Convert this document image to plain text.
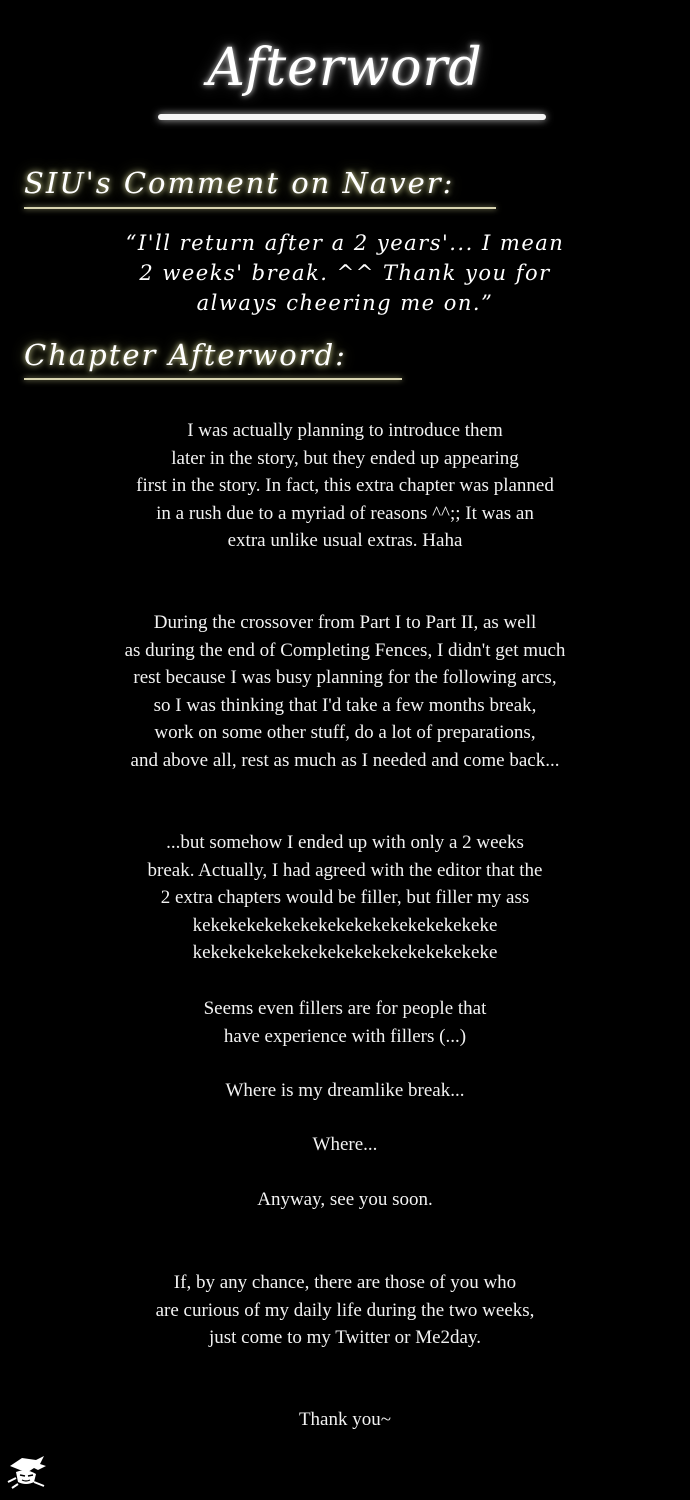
Afterword
SIU's Comment on Naver:
“I'll return after a 2 years'... I mean
2 weeks' break. ^^ Thank you for
always cheering me on.”
Chapter Afterword:
I was actually planning to introduce them
later in the story, but they ended up appearing
first in the story. In fact, this extra chapter was planned
in a rush due to a myriad of reasons ^^;; It was an
extra unlike usual extras. Haha
During the crossover from Part I to Part II, as well
as during the end of Completing Fences, I didn't get much
rest because I was busy planning for the following arcs,
so I was thinking that I'd take a few months break,
work on some other stuff, do a lot of preparations,
and above all, rest as much as I needed and come back...
...but somehow I ended up with only a 2 weeks
break. Actually, I had agreed with the editor that the
2 extra chapters would be filler, but filler my ass
kekekekekekekekekekekekekekekekeke
kekekekekekekekekekekekekekekekeke
Seems even fillers are for people that
have experience with fillers (...)
Where is my dreamlike break...
Where...
Anyway, see you soon.
If, by any chance, there are those of you who
are curious of my daily life during the two weeks,
just come to my Twitter or Me2day.
Thank you~
